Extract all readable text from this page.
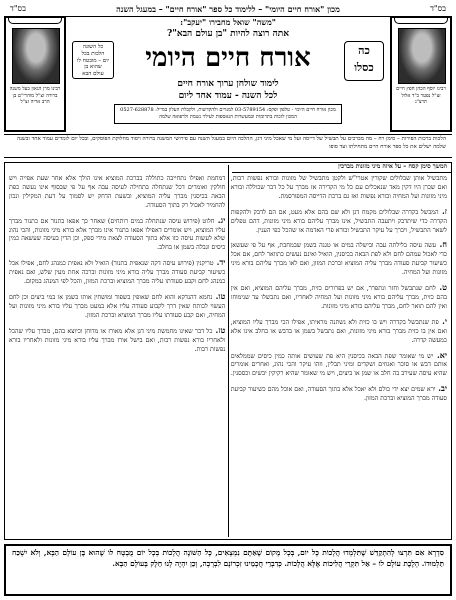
בס"ד
מכון "אורח חיים היומי" – ללימוד כל ספר "אורח חיים" – במעגל השנה
בס"ד
רבינו מרן הגאון בעל משנה ברורה זצ"ל מוהרי"ם בן הרב אריה זצ"ל
"משה" שואל מחבירו "יעקב":
אתה רוצה להיות "בן עולם הבא"?
כה
כסלו
אורח חיים היומי
כל השונה
הלכות בכל
יום – מובטח לו
שהוא בן
עולם הבא
לימוד שולחן ערוך אורח חיים
לכל השנה - עמוד אחד ליום
מכון אורח חיים היומי - טלפון ופקס: 03-5789154 למנויים ולהקדשות, ולקבלת העלון במייל: 0527-628878 המכון לזכות בתרומות ובמעשרות הנאספות לעילוי נשמת ולרפואה שלמה
רבינו יוסף הכהן חפץ חיים זצ"ל נפטר כ"ד אלול תרצ"ג
הלכות ברכות הפירות – סימן רח – מה מברכים על תבשיל של דייסה ועל מי שאכל מיני דגן, ההלכה היום במעגל השנה עם פירושי המשנה ברורה ויסוד מחלוקת הפוסקים, ובכל יום לומדים עמוד אחד ובשנה שלמה ישלים את כל ספר אורח חיים מתחילתו ועד סופו
המשך סימן קסח – על איזה מיני מזונות מברכין

מתבשיל אותן שבלולים שקורין אטרי"ש ולקטן מתבשיל של מזונות ובורא נפשות רבות, ואם שכרן היו דקין מאד שנאכלים עם כל מי הקדירה אז מברך על כל דבר שכוללה ובורא מיני מזונות ועל המחיה ובורא נפשות ואז גם ברכת הדייסה המפורסמת.

ז. המבשל בקדרה שבלולים מקמח דגן ולא שם בהם אלא מעט, אם הם לדבק ולהקפות הקדרה כדי שיתדבק ויתעבה התבשיל, אינו מברך עליהם בורא מיני מזונות, דהם טפלים לשאר התבשיל, ויברך על עיקר התבשיל ובורא פרי האדמה או שהכל כפי הענין.

ח. עשה עיסה בלילתה עבה ובישלה במים או טגנה בשמן שבמחבת, אף על פי שעשאן כדי לאכול עמהם לחם ולא לפת הבאה בכיסנין, הואיל ואינם נעשים כתוואר לחם, אם אכל כשיעור קביעת סעודה מברך עליה המוציא וברכת המזון, ואם לאו מברך עליהם בורא מיני מזונות ועל המחיה.

ט. לחם שנתבשל וחזר ונתפרר, אם יש בפרורים כזית, מברך עליהם המוציא, ואם אין בהם כזית, מברך עליהם בורא מיני מזונות ועל המחיה לאחריו, ואם נתבשלו עד שנימוחו ואין להם תואר לחם, מברך עליהם בורא מיני מזונות.

י. פת שנתבשל בקדרה ויש בו כזית ולא נשתנה מראיתו, אפילו הכי מברך עליו המוציא, ואם אין בו כזית מברך בורא מיני מזונות, ואם נתבשל בשמן או בדבש או בחלב אינו אלא כמעשה קדרה.

יא. יש מי שאומר שפת הבאה בכיסנין היא פת שעושים אותה כמין כיסים שממלאים אותם דבש או סוכר ואגוזים ושקדים ומיני תבלין, וזהו עיקר והכי נהוג, ואחרים אומרים שהיא עיסה שעירב בה חלב או שמן או ביצים, ויש מי שאומר שהיא רקיקין יבשים וכססנין.

יב. ירא שמים יצא ידי כולם ולא יאכל אלא בתוך הסעודה, ואם אוכל מהם כשיעור קביעת סעודה מברך המוציא וברכת המזון.

דמחמת ואפילו נתחייבה כתוללה בברכת המוציא אינו הולך אלא אחר שעת אפייה ויש חולקין ואומרים דכל שנתחלה בתחילה לעיסה עבה אף על פי שבסוף אינו נעשה כפת הבאה בכיסנין מברך עליה המוציא, ובשעת הדחק יש לסמוך על דעת המקילין ונכון להחמיר לאכול רק בתוך הסעודה.

יג. חלוט (פירוש עיסה שנתחלה במים רותחים) שאחר כך אפאו בתנור אם כתנור מברך עליו המוציא, ויש אומרים דאפילו אפאו בתנור אינו מברך אלא בורא מיני מזונות, והכי נהוג שלא לעשות עיסה כזו אלא בתוך הסעודה לצאת מידי ספק, וכן הדין בעיסה שעשאה כמין כיסים וגבלה בשמן או בחלב.

יד. טריקנין (פירוש עיסה דקה שנאפית בתנור) הואיל ולא נאפית כמנהג לחם, אפילו אכל כשיעור קביעת סעודה מברך עליה בורא מיני מזונות וברכה אחת מעין שלש, ואם נאפית כמנהג לחם וקבע סעודתו עליה מברך המוציא וברכת המזון, והכל לפי המנהג במקום.

טו. נחמא דהנדקא והוא לחם שאופין בשפוד ומושחין אותו בשמן או במי ביצים וכן לחם העשוי לכותח שאין דרך לקבוע סעודה עליו אלא במעט מברך עליו בורא מיני מזונות ועל המחיה, ואם קבע סעודתו עליו מברך המוציא וברכת המזון.

טז. כל דבר שאינו מחמשת מיני דגן אלא מאורז או מדוחן וכיוצא בהם, מברך עליו שהכל ולאחריו בורא נפשות רבות, ואם בישל אורז מברך עליו בורא מיני מזונות ולאחריו בורא נפשות רבות.

סִדְרָא אִם תִּרְצוּ לְהִתְקַדֵּשׁ שֶׁתִּלְמְדוּ הֲלָכוֹת כָּל יוֹם, בְּכָל מָקוֹם שֶׁאַתֶּם נִמְצָאִים, כָּל הַשּׁוֹנֶה הֲלָכוֹת בְּכָל יוֹם מֻבְטָח לוֹ שֶׁהוּא בֶּן עוֹלָם הַבָּא, וְלֹא יִשְׁכַּח תַּלְמוּדוֹ. הָלֶכֶת עוֹלָם לוֹ – אַל תִּקְרֵי הֲלִיכוֹת אֶלָּא הֲלָכוֹת. כְּדִבְרֵי חֲכָמֵינוּ זִכְרוֹנָם לִבְרָכָה, וְכֵן יִהְיֶה לָנוּ חֵלֶק בָּעוֹלָם הַבָּא.
